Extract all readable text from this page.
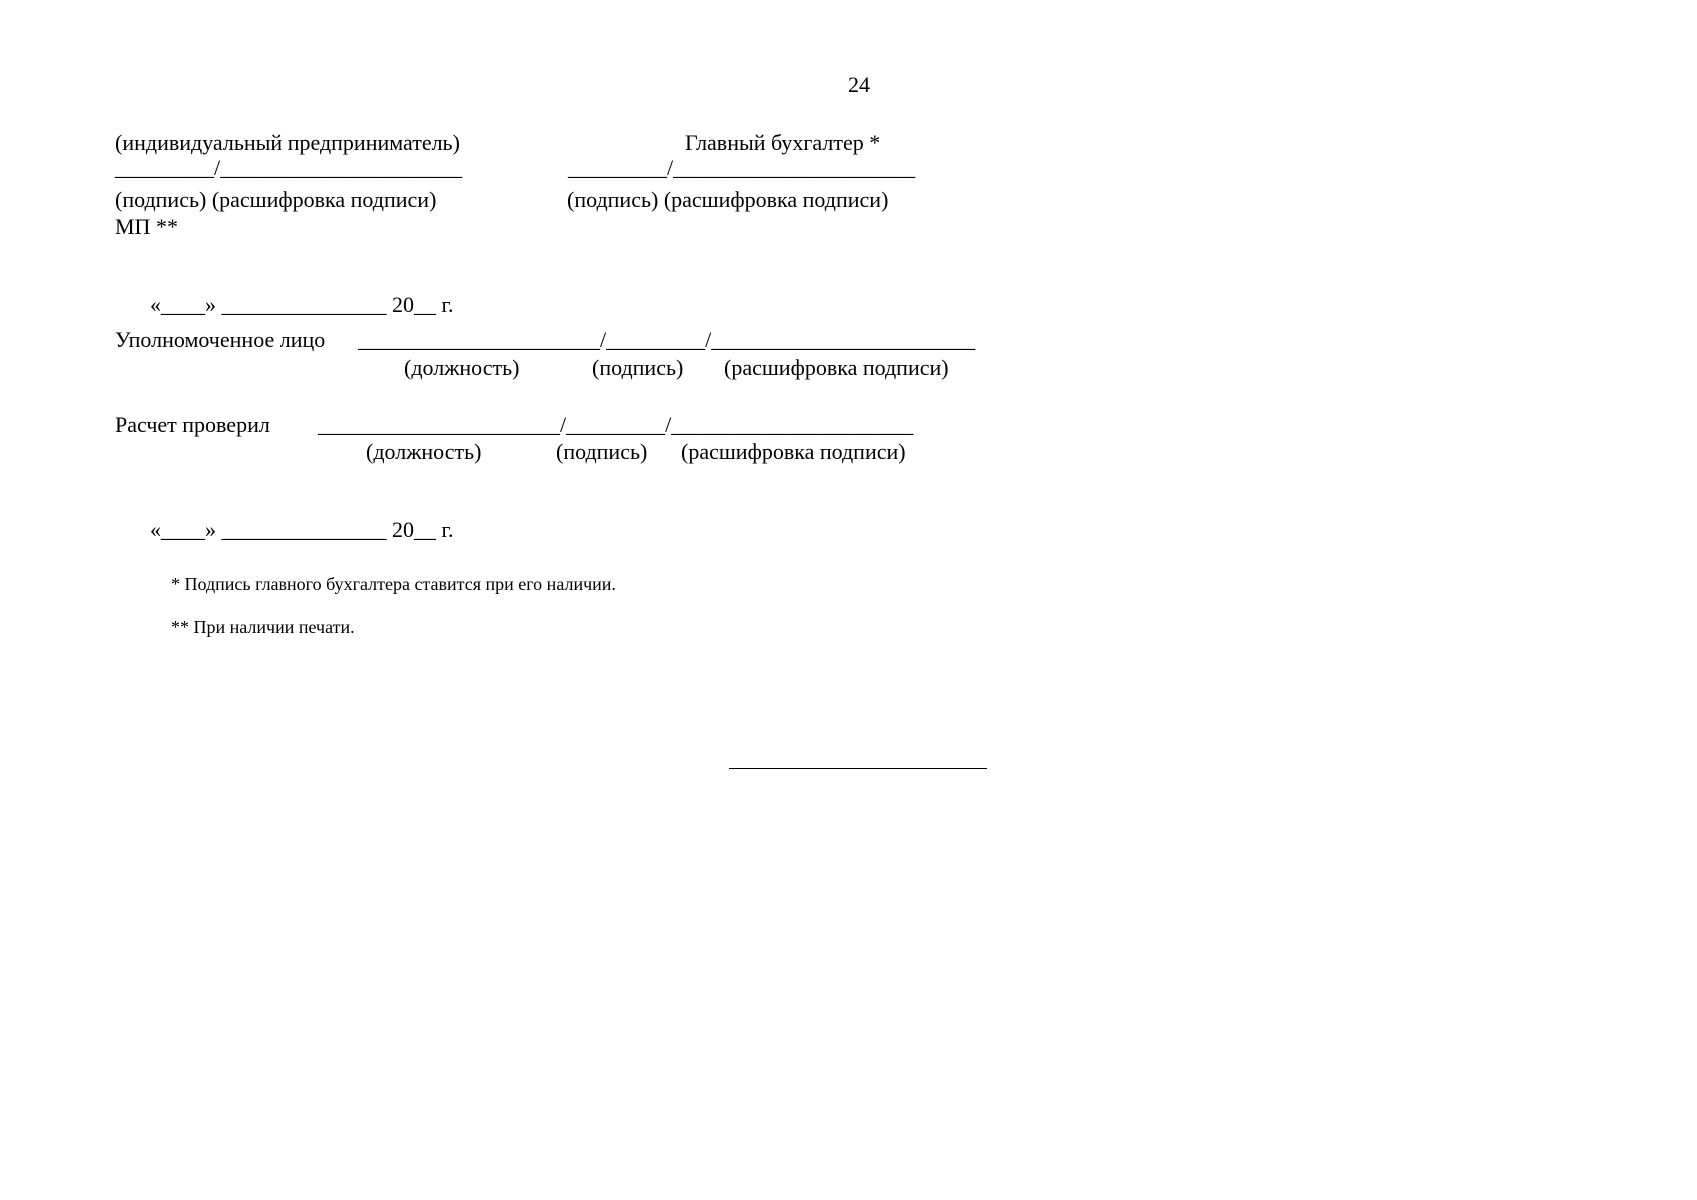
24
(индивидуальный предприниматель)
_________/______________________
(подпись) (расшифровка подписи)
МП **
Главный бухгалтер *
_________/______________________
(подпись) (расшифровка подписи)

«____» _______________ 20__ г.

Уполномоченное лицо ______________________/_________/________________________
(должность)	(подпись) (расшифровка подписи)
Расчет проверил ______________________/_________/______________________
(должность)	(подпись) (расшифровка подписи)

«____» _______________ 20__ г.

* Подпись главного бухгалтера ставится при его наличии.
** При наличии печати.
